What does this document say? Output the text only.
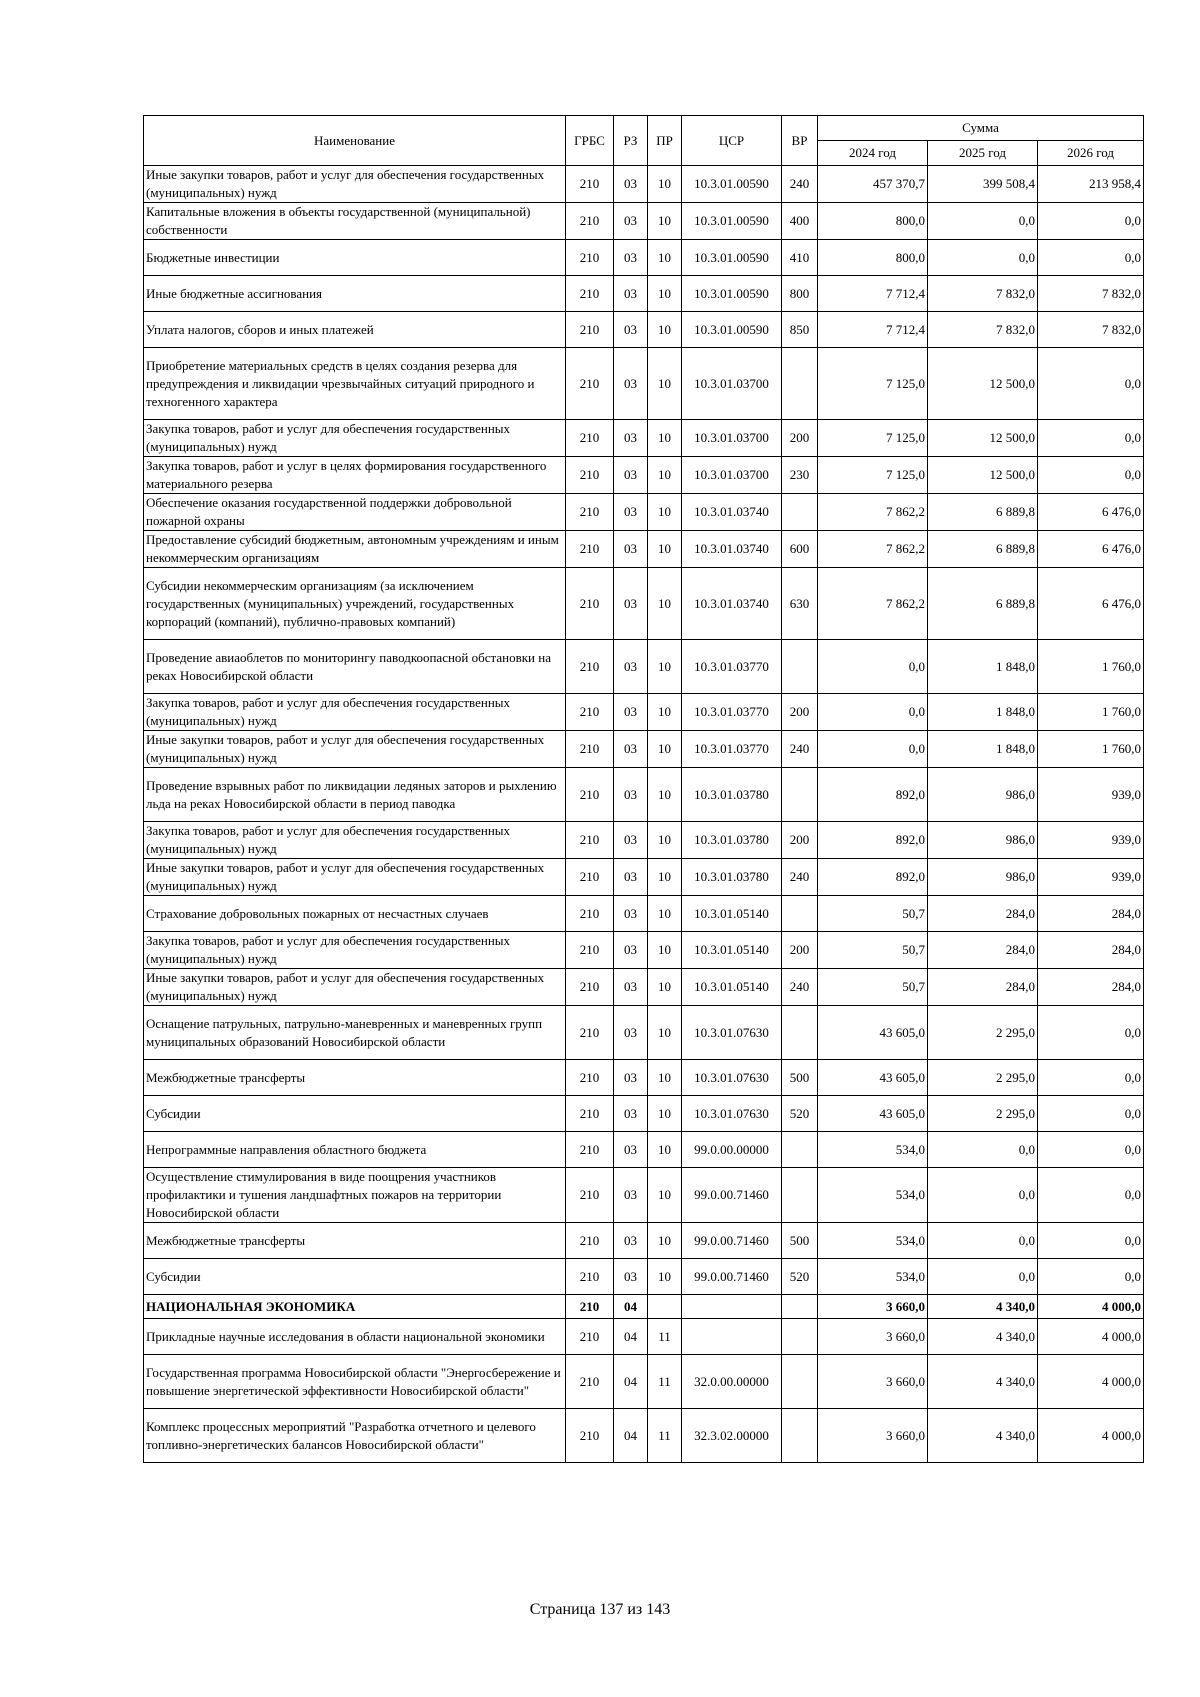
Наименование	ГРБС	РЗ	ПР	ЦСР	ВР	Сумма		
						2024 год	2025 год	2026 год
Иные закупки товаров, работ и услуг для обеспечения государственных (муниципальных) нужд	210	03	10	10.3.01.00590	240	457 370,7	399 508,4	213 958,4
Капитальные вложения в объекты государственной (муниципальной) собственности	210	03	10	10.3.01.00590	400	800,0	0,0	0,0
Бюджетные инвестиции	210	03	10	10.3.01.00590	410	800,0	0,0	0,0
Иные бюджетные ассигнования	210	03	10	10.3.01.00590	800	7 712,4	7 832,0	7 832,0
Уплата налогов, сборов и иных платежей	210	03	10	10.3.01.00590	850	7 712,4	7 832,0	7 832,0
Приобретение материальных средств в целях создания резерва для предупреждения и ликвидации чрезвычайных ситуаций природного и техногенного характера	210	03	10	10.3.01.03700		7 125,0	12 500,0	0,0
Закупка товаров, работ и услуг для обеспечения государственных (муниципальных) нужд	210	03	10	10.3.01.03700	200	7 125,0	12 500,0	0,0
Закупка товаров, работ и услуг в целях формирования государственного материального резерва	210	03	10	10.3.01.03700	230	7 125,0	12 500,0	0,0
Обеспечение оказания государственной поддержки добровольной пожарной охраны	210	03	10	10.3.01.03740		7 862,2	6 889,8	6 476,0
Предоставление субсидий бюджетным, автономным учреждениям и иным некоммерческим организациям	210	03	10	10.3.01.03740	600	7 862,2	6 889,8	6 476,0
Субсидии некоммерческим организациям (за исключением государственных (муниципальных) учреждений, государственных корпораций (компаний), публично-правовых компаний)	210	03	10	10.3.01.03740	630	7 862,2	6 889,8	6 476,0
Проведение авиаоблетов по мониторингу паводкоопасной обстановки на реках Новосибирской области	210	03	10	10.3.01.03770		0,0	1 848,0	1 760,0
Закупка товаров, работ и услуг для обеспечения государственных (муниципальных) нужд	210	03	10	10.3.01.03770	200	0,0	1 848,0	1 760,0
Иные закупки товаров, работ и услуг для обеспечения государственных (муниципальных) нужд	210	03	10	10.3.01.03770	240	0,0	1 848,0	1 760,0
Проведение взрывных работ по ликвидации ледяных заторов и рыхлению льда на реках Новосибирской области в период паводка	210	03	10	10.3.01.03780		892,0	986,0	939,0
Закупка товаров, работ и услуг для обеспечения государственных (муниципальных) нужд	210	03	10	10.3.01.03780	200	892,0	986,0	939,0
Иные закупки товаров, работ и услуг для обеспечения государственных (муниципальных) нужд	210	03	10	10.3.01.03780	240	892,0	986,0	939,0
Страхование добровольных пожарных от несчастных случаев	210	03	10	10.3.01.05140		50,7	284,0	284,0
Закупка товаров, работ и услуг для обеспечения государственных (муниципальных) нужд	210	03	10	10.3.01.05140	200	50,7	284,0	284,0
Иные закупки товаров, работ и услуг для обеспечения государственных (муниципальных) нужд	210	03	10	10.3.01.05140	240	50,7	284,0	284,0
Оснащение патрульных, патрульно-маневренных и маневренных групп муниципальных образований Новосибирской области	210	03	10	10.3.01.07630		43 605,0	2 295,0	0,0
Межбюджетные трансферты	210	03	10	10.3.01.07630	500	43 605,0	2 295,0	0,0
Субсидии	210	03	10	10.3.01.07630	520	43 605,0	2 295,0	0,0
Непрограммные направления областного бюджета	210	03	10	99.0.00.00000		534,0	0,0	0,0
Осуществление стимулирования в виде поощрения участников профилактики и тушения ландшафтных пожаров на территории Новосибирской области	210	03	10	99.0.00.71460		534,0	0,0	0,0
Межбюджетные трансферты	210	03	10	99.0.00.71460	500	534,0	0,0	0,0
Субсидии	210	03	10	99.0.00.71460	520	534,0	0,0	0,0
НАЦИОНАЛЬНАЯ ЭКОНОМИКА	210	04				3 660,0	4 340,0	4 000,0
Прикладные научные исследования в области национальной экономики	210	04	11			3 660,0	4 340,0	4 000,0
Государственная программа Новосибирской области "Энергосбережение и повышение энергетической эффективности Новосибирской области"	210	04	11	32.0.00.00000		3 660,0	4 340,0	4 000,0
Комплекс процессных мероприятий "Разработка отчетного и целевого топливно-энергетических балансов Новосибирской области"	210	04	11	32.3.02.00000		3 660,0	4 340,0	4 000,0
Страница 137 из 143
